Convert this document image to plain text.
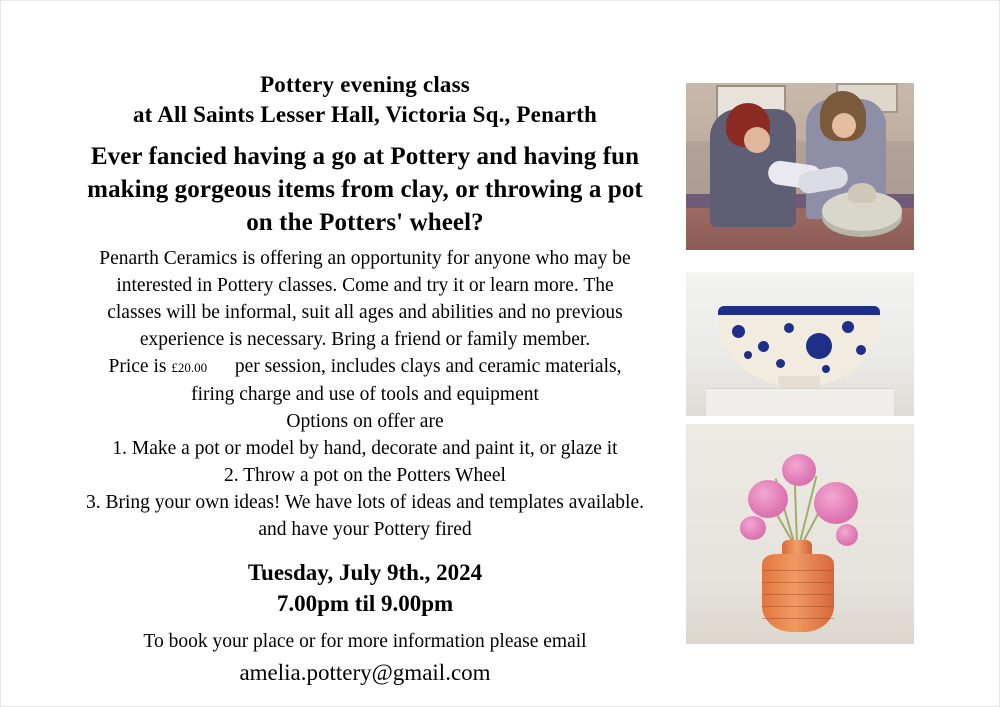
Pottery evening class
at All Saints Lesser Hall, Victoria Sq., Penarth
Ever fancied having a go at Pottery and having fun
making gorgeous items from clay, or throwing a pot
on the Potters' wheel?
Penarth Ceramics is offering an opportunity for anyone who may be
interested in Pottery classes. Come and try it or learn more. The
classes will be informal, suit all ages and abilities and no previous
experience is necessary. Bring a friend or family member.
Price is £20.00 per session, includes clays and ceramic materials,
firing charge and use of tools and equipment
Options on offer are
1. Make a pot or model by hand, decorate and paint it, or glaze it
2. Throw a pot on the Potters Wheel
3. Bring your own ideas! We have lots of ideas and templates available.
and have your Pottery fired
Tuesday, July 9th., 2024
7.00pm til 9.00pm
To book your place or for more information please email
amelia.pottery@gmail.com
